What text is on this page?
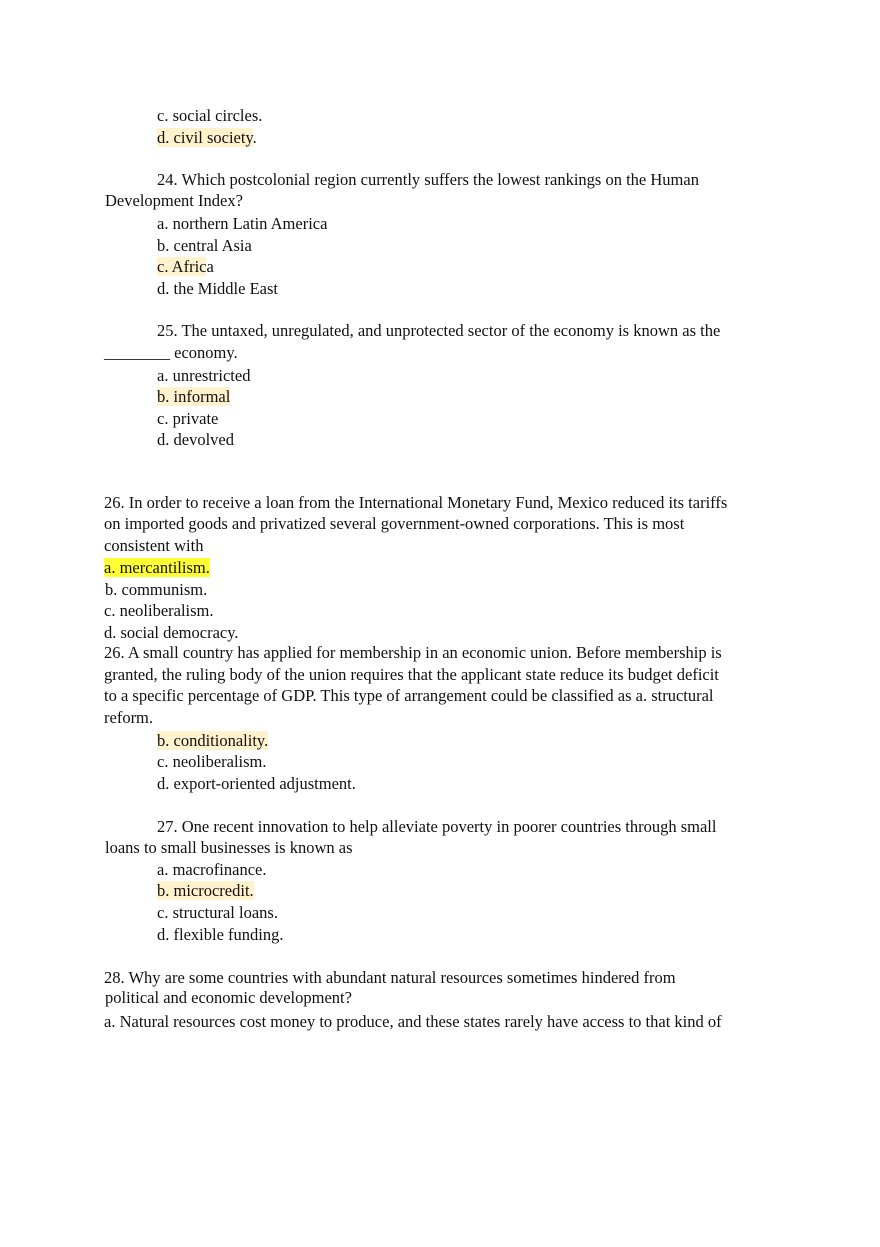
c. social circles.
d. civil society.
24. Which postcolonial region currently suffers the lowest rankings on the Human
Development Index?
a. northern Latin America
b. central Asia
c. Africa
d. the Middle East
25. The untaxed, unregulated, and unprotected sector of the economy is known as the
________ economy.
a. unrestricted
b. informal
c. private
d. devolved
26. In order to receive a loan from the International Monetary Fund, Mexico reduced its tariffs
on imported goods and privatized several government-owned corporations. This is most
consistent with
a. mercantilism.
b. communism.
c. neoliberalism.
d. social democracy.
26. A small country has applied for membership in an economic union. Before membership is
granted, the ruling body of the union requires that the applicant state reduce its budget deficit
to a specific percentage of GDP. This type of arrangement could be classified as a. structural
reform.
b. conditionality.
c. neoliberalism.
d. export-oriented adjustment.
27. One recent innovation to help alleviate poverty in poorer countries through small
loans to small businesses is known as
a. macrofinance.
b. microcredit.
c. structural loans.
d. flexible funding.
28. Why are some countries with abundant natural resources sometimes hindered from
political and economic development?
a. Natural resources cost money to produce, and these states rarely have access to that kind of
